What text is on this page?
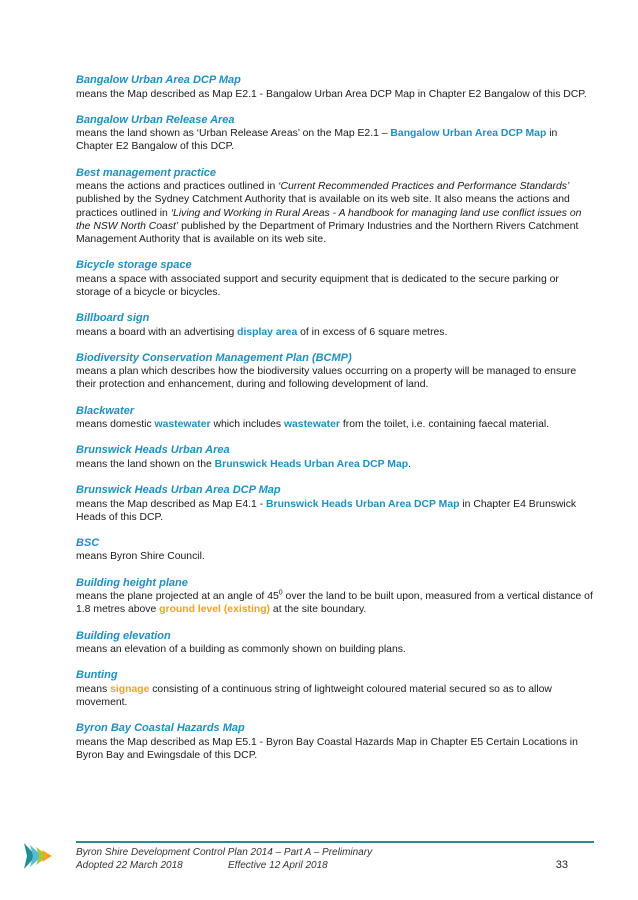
Bangalow Urban Area DCP Map
means the Map described as Map E2.1 - Bangalow Urban Area DCP Map in Chapter E2 Bangalow of this DCP.
Bangalow Urban Release Area
means the land shown as ‘Urban Release Areas’ on the Map E2.1 – Bangalow Urban Area DCP Map in Chapter E2 Bangalow of this DCP.
Best management practice
means the actions and practices outlined in ‘Current Recommended Practices and Performance Standards’ published by the Sydney Catchment Authority that is available on its web site. It also means the actions and practices outlined in ‘Living and Working in Rural Areas - A handbook for managing land use conflict issues on the NSW North Coast’ published by the Department of Primary Industries and the Northern Rivers Catchment Management Authority that is available on its web site.
Bicycle storage space
means a space with associated support and security equipment that is dedicated to the secure parking or storage of a bicycle or bicycles.
Billboard sign
means a board with an advertising display area of in excess of 6 square metres.
Biodiversity Conservation Management Plan (BCMP)
means a plan which describes how the biodiversity values occurring on a property will be managed to ensure their protection and enhancement, during and following development of land.
Blackwater
means domestic wastewater which includes wastewater from the toilet, i.e. containing faecal material.
Brunswick Heads Urban Area
means the land shown on the Brunswick Heads Urban Area DCP Map.
Brunswick Heads Urban Area DCP Map
means the Map described as Map E4.1 - Brunswick Heads Urban Area DCP Map in Chapter E4 Brunswick Heads of this DCP.
BSC
means Byron Shire Council.
Building height plane
means the plane projected at an angle of $45^0$ over the land to be built upon, measured from a vertical distance of 1.8 metres above ground level (existing) at the site boundary.
Building elevation
means an elevation of a building as commonly shown on building plans.
Bunting
means signage consisting of a continuous string of lightweight coloured material secured so as to allow movement.
Byron Bay Coastal Hazards Map
means the Map described as Map E5.1 - Byron Bay Coastal Hazards Map in Chapter E5 Certain Locations in Byron Bay and Ewingsdale of this DCP.
Byron Shire Development Control Plan 2014 – Part A – Preliminary
Adopted 22 March 2018	Effective 12 April 2018	33
